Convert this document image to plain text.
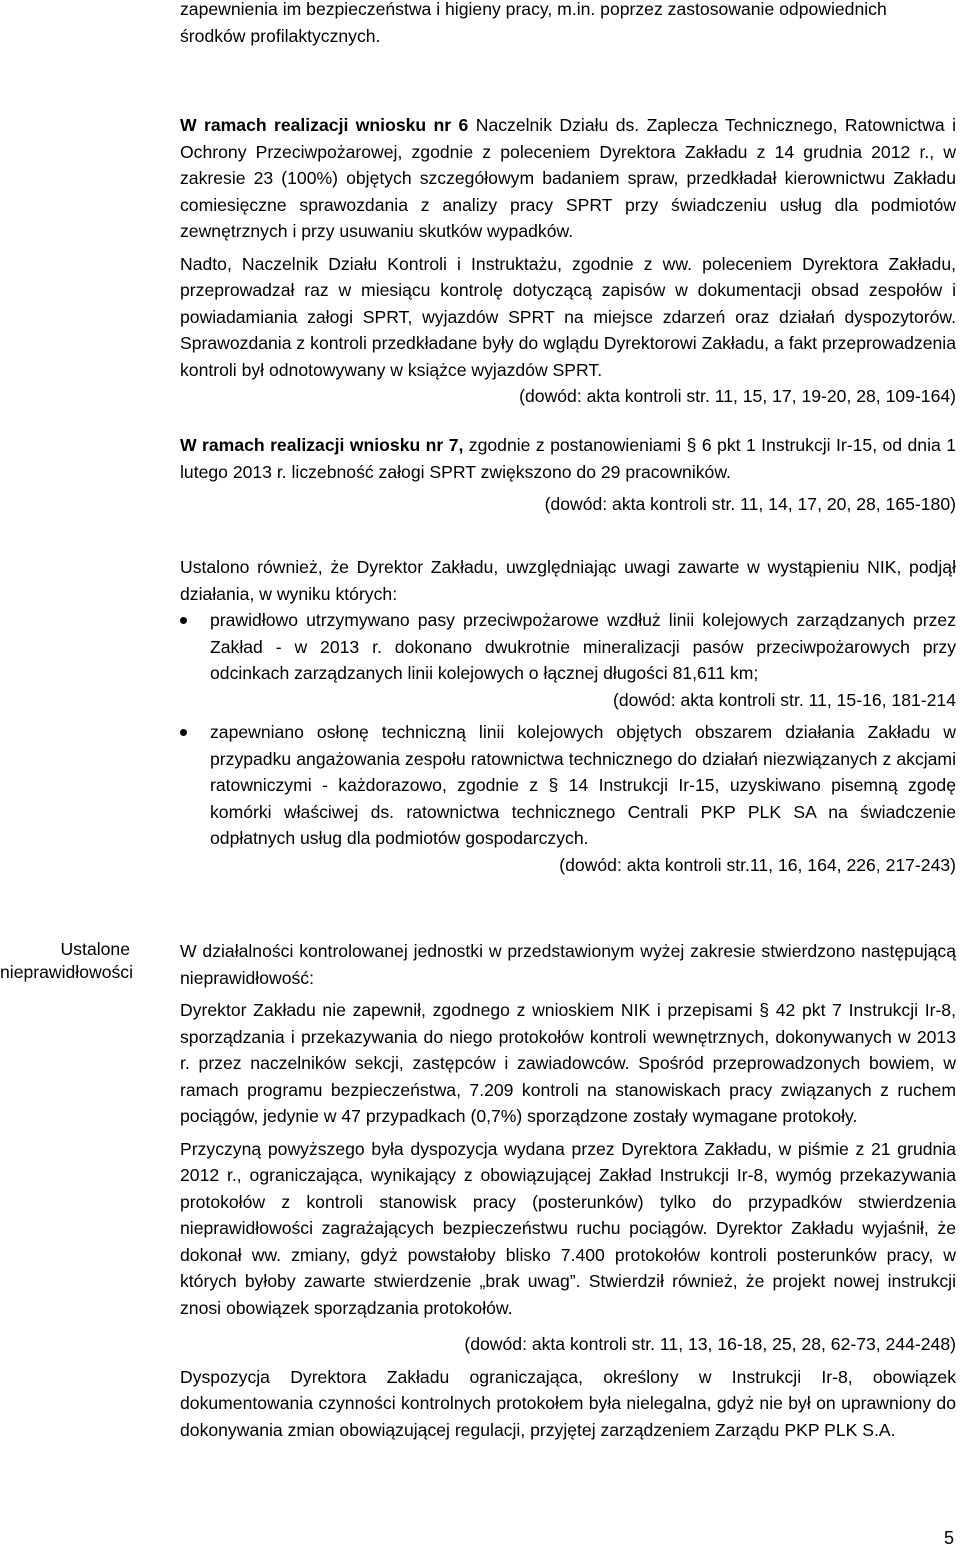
zapewnienia im bezpieczeństwa i higieny pracy, m.in. poprzez zastosowanie odpowiednich

środków profilaktycznych.

W ramach realizacji wniosku nr 6 Naczelnik Działu ds. Zaplecza Technicznego, Ratownictwa i Ochrony Przeciwpożarowej, zgodnie z poleceniem Dyrektora Zakładu z 14 grudnia 2012 r., w zakresie 23 (100%) objętych szczegółowym badaniem spraw, przedkładał kierownictwu Zakładu comiesięczne sprawozdania z analizy pracy SPRT przy świadczeniu usług dla podmiotów zewnętrznych i przy usuwaniu skutków wypadków.

Nadto, Naczelnik Działu Kontroli i Instruktażu, zgodnie z ww. poleceniem Dyrektora Zakładu, przeprowadzał raz w miesiącu kontrolę dotyczącą zapisów w dokumentacji obsad zespołów i powiadamiania załogi SPRT, wyjazdów SPRT na miejsce zdarzeń oraz działań dyspozytorów. Sprawozdania z kontroli przedkładane były do wglądu Dyrektorowi Zakładu, a fakt przeprowadzenia kontroli był odnotowywany w książce wyjazdów SPRT.

(dowód: akta kontroli str. 11, 15, 17, 19-20, 28, 109-164)

W ramach realizacji wniosku nr 7, zgodnie z postanowieniami § 6 pkt 1 Instrukcji Ir-15, od dnia 1 lutego 2013 r. liczebność załogi SPRT zwiększono do 29 pracowników.

(dowód: akta kontroli str. 11, 14, 17, 20, 28, 165-180)

Ustalono również, że Dyrektor Zakładu, uwzględniając uwagi zawarte w wystąpieniu NIK, podjął działania, w wyniku których:

prawidłowo utrzymywano pasy przeciwpożarowe wzdłuż linii kolejowych zarządzanych przez Zakład - w 2013 r. dokonano dwukrotnie mineralizacji pasów przeciwpożarowych przy odcinkach zarządzanych linii kolejowych o łącznej długości 81,611 km;

(dowód: akta kontroli str. 11, 15-16, 181-214

zapewniano osłonę techniczną linii kolejowych objętych obszarem działania Zakładu w przypadku angażowania zespołu ratownictwa technicznego do działań niezwiązanych z akcjami ratowniczymi - każdorazowo, zgodnie z § 14 Instrukcji Ir-15, uzyskiwano pisemną zgodę komórki właściwej ds. ratownictwa technicznego Centrali PKP PLK SA na świadczenie odpłatnych usług dla podmiotów gospodarczych.

(dowód: akta kontroli str.11, 16, 164, 226, 217-243)

Ustalone
nieprawidłowości

W działalności kontrolowanej jednostki w przedstawionym wyżej zakresie stwierdzono następującą nieprawidłowość:

Dyrektor Zakładu nie zapewnił, zgodnego z wnioskiem NIK i przepisami § 42 pkt 7 Instrukcji Ir-8, sporządzania i przekazywania do niego protokołów kontroli wewnętrznych, dokonywanych w 2013 r. przez naczelników sekcji, zastępców i zawiadowców. Spośród przeprowadzonych bowiem, w ramach programu bezpieczeństwa, 7.209 kontroli na stanowiskach pracy związanych z ruchem pociągów, jedynie w 47 przypadkach (0,7%) sporządzone zostały wymagane protokoły.

Przyczyną powyższego była dyspozycja wydana przez Dyrektora Zakładu, w piśmie z 21 grudnia 2012 r., ograniczająca, wynikający z obowiązującej Zakład Instrukcji Ir-8, wymóg przekazywania protokołów z kontroli stanowisk pracy (posterunków) tylko do przypadków stwierdzenia nieprawidłowości zagrażających bezpieczeństwu ruchu pociągów. Dyrektor Zakładu wyjaśnił, że dokonał ww. zmiany, gdyż powstałoby blisko 7.400 protokołów kontroli posterunków pracy, w których byłoby zawarte stwierdzenie „brak uwag”. Stwierdził również, że projekt nowej instrukcji znosi obowiązek sporządzania protokołów.

(dowód: akta kontroli str. 11, 13, 16-18, 25, 28, 62-73, 244-248)

Dyspozycja Dyrektora Zakładu ograniczająca, określony w Instrukcji Ir-8, obowiązek dokumentowania czynności kontrolnych protokołem była nielegalna, gdyż nie był on uprawniony do dokonywania zmian obowiązującej regulacji, przyjętej zarządzeniem Zarządu PKP PLK S.A.

5
